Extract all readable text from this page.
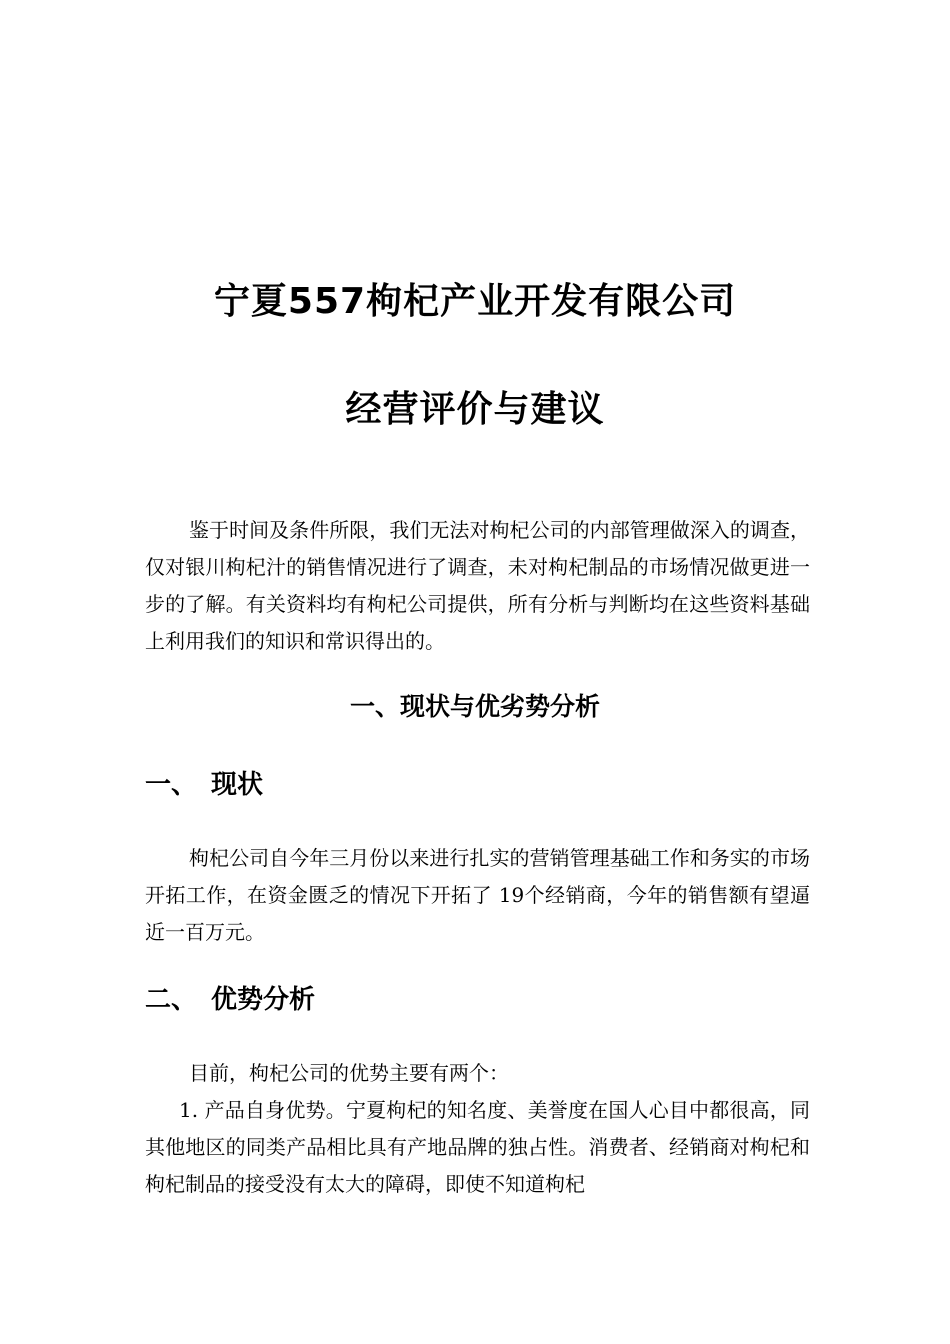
宁夏557枸杞产业开发有限公司
经营评价与建议

鉴于时间及条件所限，我们无法对枸杞公司的内部管理做深入的调查，仅对银川枸杞汁的销售情况进行了调查，未对枸杞制品的市场情况做更进一步的了解。有关资料均有枸杞公司提供，所有分析与判断均在这些资料基础上利用我们的知识和常识得出的。

一、现状与优劣势分析
一、 现状

枸杞公司自今年三月份以来进行扎实的营销管理基础工作和务实的市场开拓工作，在资金匮乏的情况下开拓了 19个经销商，今年的销售额有望逼近一百万元。

二、 优势分析

目前，枸杞公司的优势主要有两个：

1. 产品自身优势。宁夏枸杞的知名度、美誉度在国人心目中都很高，同其他地区的同类产品相比具有产地品牌的独占性。消费者、经销商对枸杞和枸杞制品的接受没有太大的障碍，即使不知道枸杞
